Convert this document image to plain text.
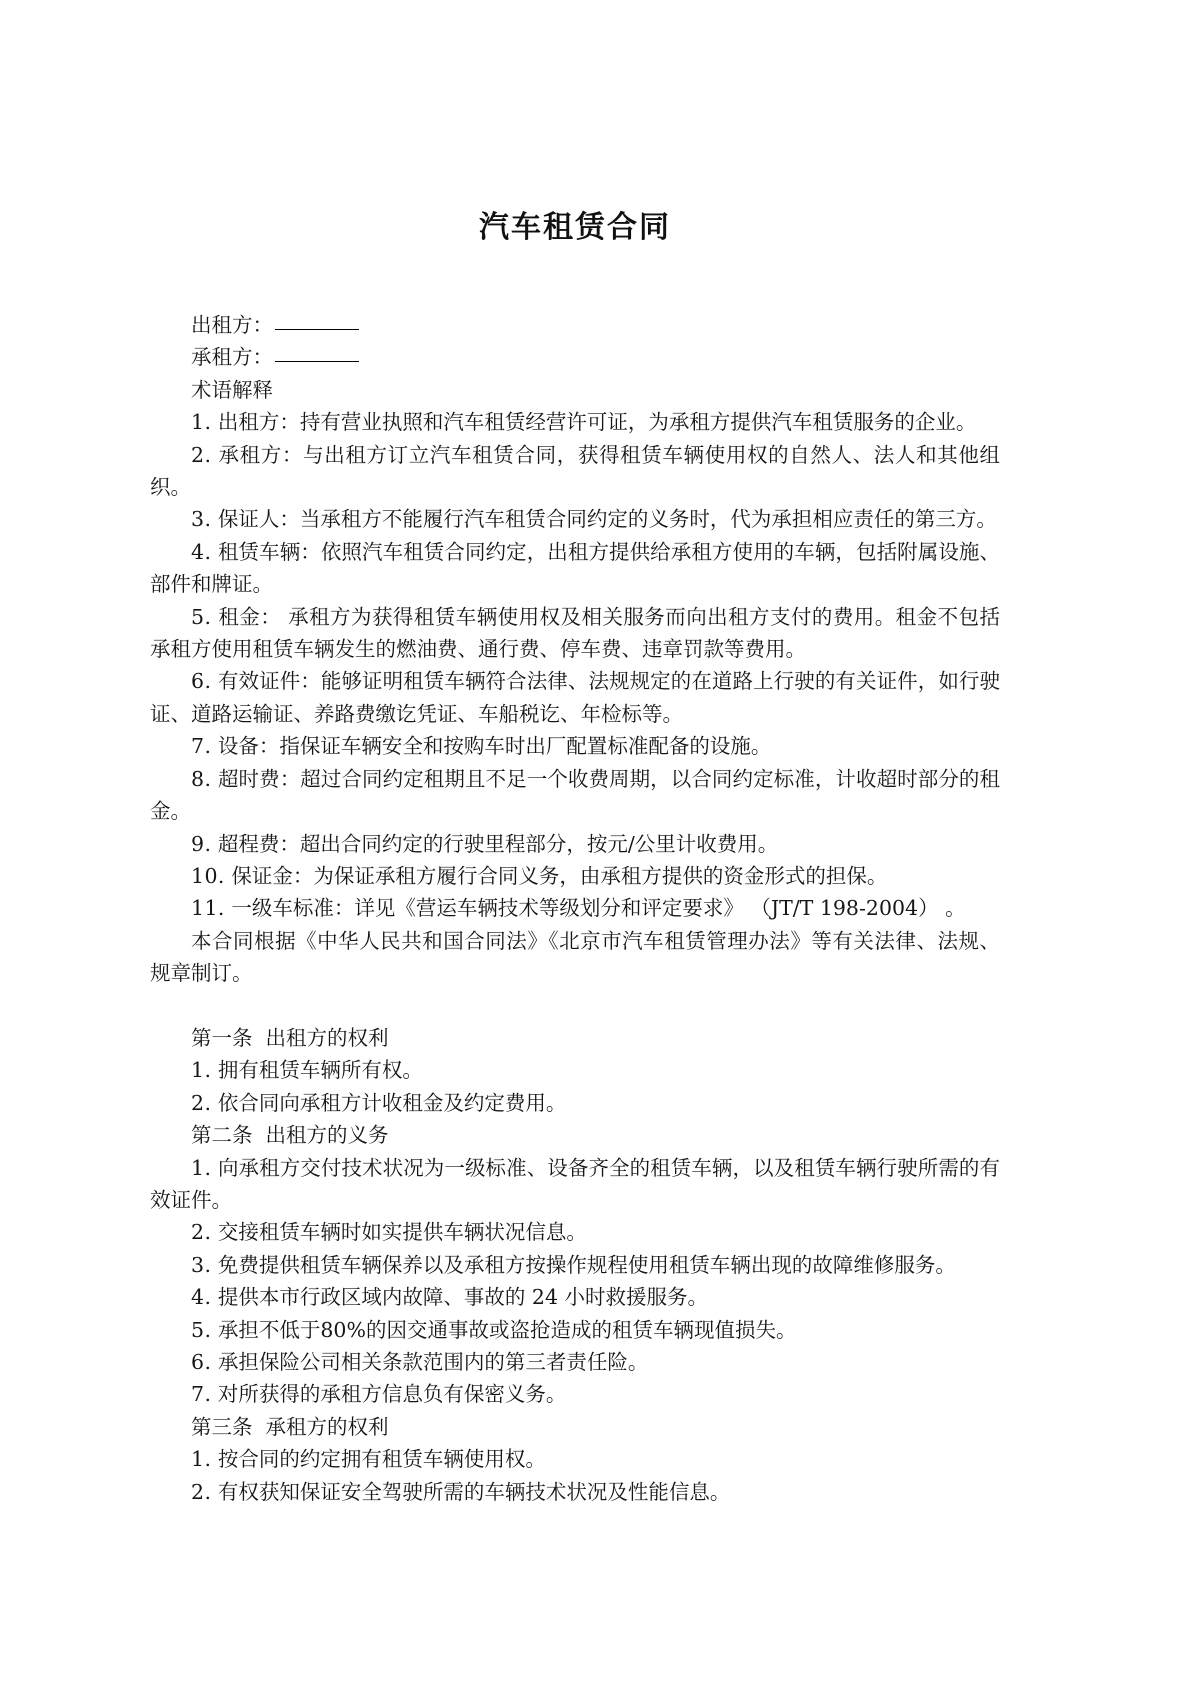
汽车租赁合同

出租方：

承租方：

术语解释

1. 出租方：持有营业执照和汽车租赁经营许可证，为承租方提供汽车租赁服务的企业。

2. 承租方：与出租方订立汽车租赁合同，获得租赁车辆使用权的自然人、法人和其他组织。

3. 保证人：当承租方不能履行汽车租赁合同约定的义务时，代为承担相应责任的第三方。

4. 租赁车辆：依照汽车租赁合同约定，出租方提供给承租方使用的车辆，包括附属设施、部件和牌证。

5. 租金： 承租方为获得租赁车辆使用权及相关服务而向出租方支付的费用。租金不包括承租方使用租赁车辆发生的燃油费、通行费、停车费、违章罚款等费用。

6. 有效证件：能够证明租赁车辆符合法律、法规规定的在道路上行驶的有关证件，如行驶证、道路运输证、养路费缴讫凭证、车船税讫、年检标等。

7. 设备：指保证车辆安全和按购车时出厂配置标准配备的设施。

8. 超时费：超过合同约定租期且不足一个收费周期，以合同约定标准，计收超时部分的租金。

9. 超程费：超出合同约定的行驶里程部分，按元/公里计收费用。

10. 保证金：为保证承租方履行合同义务，由承租方提供的资金形式的担保。

11. 一级车标准：详见《营运车辆技术等级划分和评定要求》 （JT/T 198-2004） 。

本合同根据《中华人民共和国合同法》《北京市汽车租赁管理办法》等有关法律、法规、规章制订。

第一条 出租方的权利

1. 拥有租赁车辆所有权。

2. 依合同向承租方计收租金及约定费用。

第二条 出租方的义务

1. 向承租方交付技术状况为一级标准、设备齐全的租赁车辆，以及租赁车辆行驶所需的有效证件。

2. 交接租赁车辆时如实提供车辆状况信息。

3. 免费提供租赁车辆保养以及承租方按操作规程使用租赁车辆出现的故障维修服务。

4. 提供本市行政区域内故障、事故的 24 小时救援服务。

5. 承担不低于80%的因交通事故或盗抢造成的租赁车辆现值损失。

6. 承担保险公司相关条款范围内的第三者责任险。

7. 对所获得的承租方信息负有保密义务。

第三条 承租方的权利

1. 按合同的约定拥有租赁车辆使用权。

2. 有权获知保证安全驾驶所需的车辆技术状况及性能信息。
